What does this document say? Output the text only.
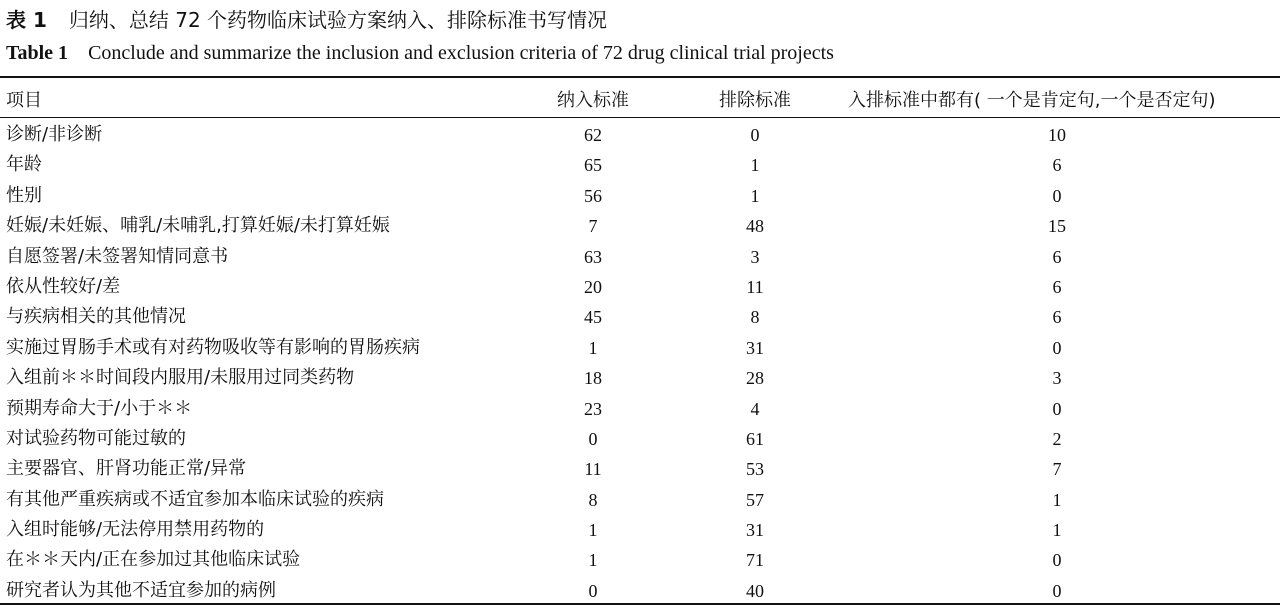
表 1 归纳、总结 72 个药物临床试验方案纳入、排除标准书写情况
Table 1 Conclude and summarize the inclusion and exclusion criteria of 72 drug clinical trial projects
项目	纳入标准	排除标准	入排标准中都有( 一个是肯定句,一个是否定句)
诊断/非诊断	62	0	10
年龄	65	1	6
性别	56	1	0
妊娠/未妊娠、哺乳/未哺乳,打算妊娠/未打算妊娠	7	48	15
自愿签署/未签署知情同意书	63	3	6
依从性较好/差	20	11	6
与疾病相关的其他情况	45	8	6
实施过胃肠手术或有对药物吸收等有影响的胃肠疾病	1	31	0
入组前＊＊时间段内服用/未服用过同类药物	18	28	3
预期寿命大于/小于＊＊	23	4	0
对试验药物可能过敏的	0	61	2
主要器官、肝肾功能正常/异常	11	53	7
有其他严重疾病或不适宜参加本临床试验的疾病	8	57	1
入组时能够/无法停用禁用药物的	1	31	1
在＊＊天内/正在参加过其他临床试验	1	71	0
研究者认为其他不适宜参加的病例	0	40	0
